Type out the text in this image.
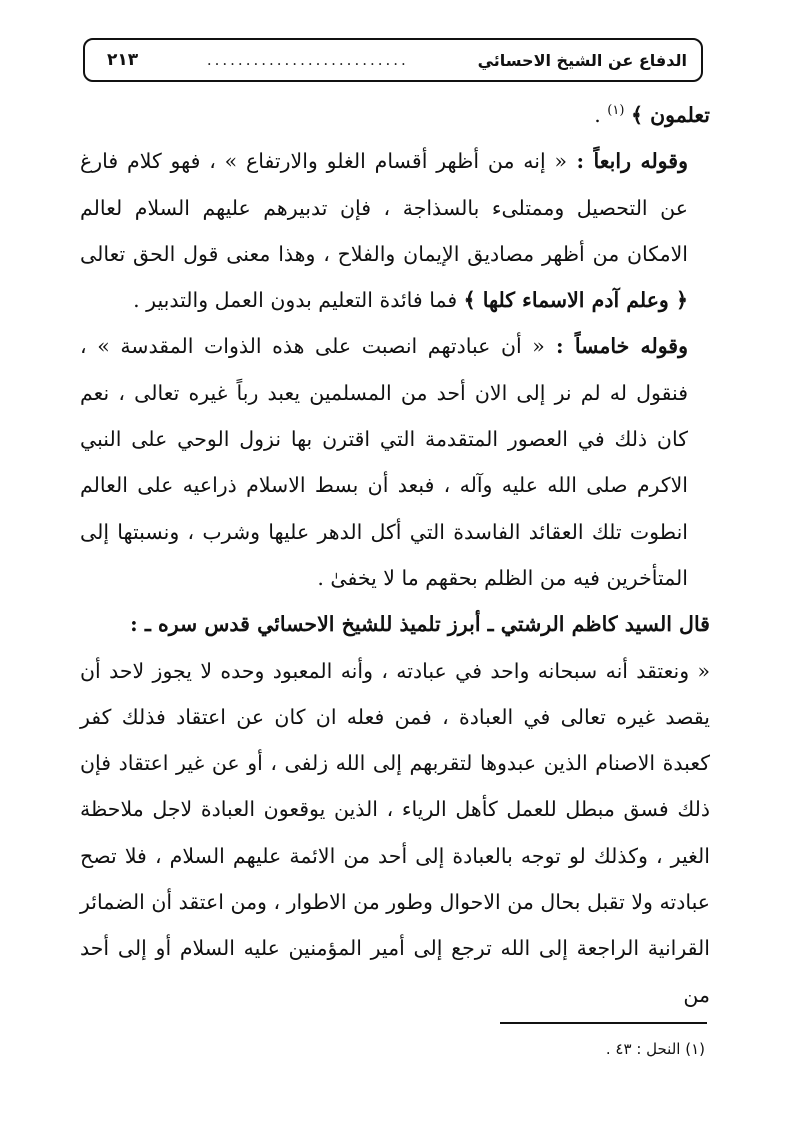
٢١٣	..........................	الدفاع عن الشيخ الاحسائي

تعلمون ﴾ $^{(١)}$ .

وقوله رابعاً : « إنه من أظهر أقسام الغلو والارتفاع » ، فهو كلام فارغ عن التحصيل وممتلىء بالسذاجة ، فإن تدبيرهم عليهم السلام لعالم الامكان من أظهر مصاديق الإيمان والفلاح ، وهذا معنى قول الحق تعالى ﴿ وعلم آدم الاسماء كلها ﴾ فما فائدة التعليم بدون العمل والتدبير .

وقوله خامساً : « أن عبادتهم انصبت على هذه الذوات المقدسة » ، فنقول له لم نر إلى الان أحد من المسلمين يعبد رباً غيره تعالى ، نعم كان ذلك في العصور المتقدمة التي اقترن بها نزول الوحي على النبي الاكرم صلى الله عليه وآله ، فبعد أن بسط الاسلام ذراعيه على العالم انطوت تلك العقائد الفاسدة التي أكل الدهر عليها وشرب ، ونسبتها إلى المتأخرين فيه من الظلم بحقهم ما لا يخفىٰ .

قال السيد كاظم الرشتي ـ أبرز تلميذ للشيخ الاحسائي قدس سره ـ :

« ونعتقد أنه سبحانه واحد في عبادته ، وأنه المعبود وحده لا يجوز لاحد أن يقصد غيره تعالى في العبادة ، فمن فعله ان كان عن اعتقاد فذلك كفر كعبدة الاصنام الذين عبدوها لتقربهم إلى الله زلفى ، أو عن غير اعتقاد فإن ذلك فسق مبطل للعمل كأهل الرياء ، الذين يوقعون العبادة لاجل ملاحظة الغير ، وكذلك لو توجه بالعبادة إلى أحد من الائمة عليهم السلام ، فلا تصح عبادته ولا تقبل بحال من الاحوال وطور من الاطوار ، ومن اعتقد أن الضمائر القرانية الراجعة إلى الله ترجع إلى أمير المؤمنين عليه السلام أو إلى أحد من

(١) النحل : ٤٣ .
